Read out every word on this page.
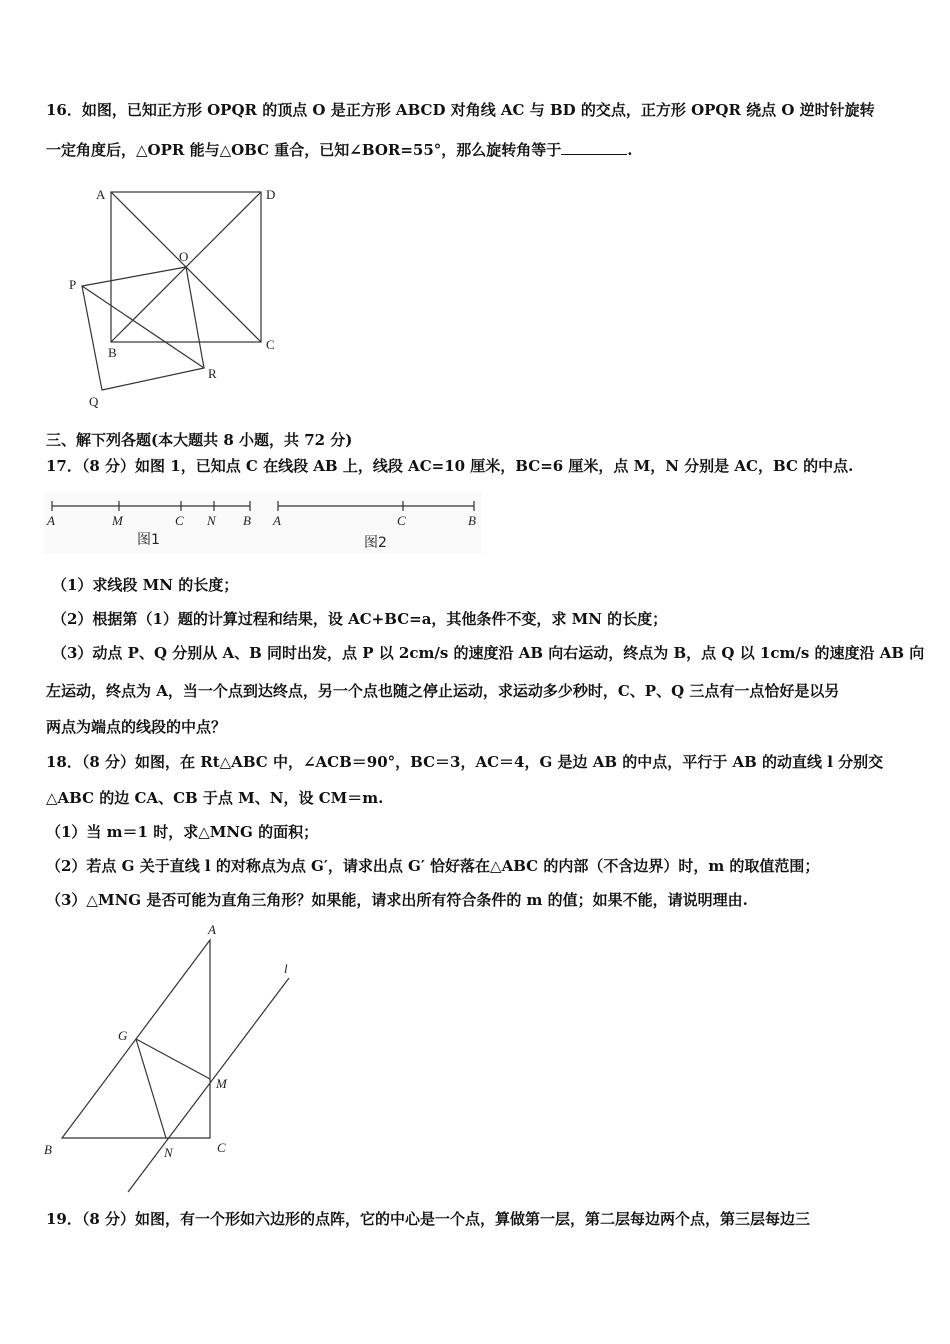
16．如图，已知正方形 OPQR 的顶点 O 是正方形 ABCD 对角线 AC 与 BD 的交点，正方形 OPQR 绕点 O 逆时针旋转
一定角度后，△OPR 能与△OBC 重合，已知∠BOR=55°，那么旋转角等于	.
A	D
O
P
B
C
R
Q
三、解下列各题(本大题共 8 小题，共 72 分)
17．（8 分）如图 1，已知点 C 在线段 AB 上，线段 AC=10 厘米，BC=6 厘米，点 M，N 分别是 AC，BC 的中点.
A	M	C N B
图1
A	C	B
图2
（1）求线段 MN 的长度；
（2）根据第（1）题的计算过程和结果，设 AC+BC=a，其他条件不变，求 MN 的长度；
（3）动点 P、Q 分别从 A、B 同时出发，点 P 以 2cm/s 的速度沿 AB 向右运动，终点为 B，点 Q 以 1cm/s 的速度沿 AB 向
左运动，终点为 A，当一个点到达终点，另一个点也随之停止运动，求运动多少秒时，C、P、Q 三点有一点恰好是以另
两点为端点的线段的中点？
18．（8 分）如图，在 Rt△ABC 中，∠ACB＝90°，BC＝3，AC＝4，G 是边 AB 的中点，平行于 AB 的动直线 l 分别交
△ABC 的边 CA、CB 于点 M、N，设 CM＝m.
（1）当 m＝1 时，求△MNG 的面积；
（2）若点 G 关于直线 l 的对称点为点 G′，请求出点 G′ 恰好落在△ABC 的内部（不含边界）时，m 的取值范围；
（3）△MNG 是否可能为直角三角形？如果能，请求出所有符合条件的 m 的值；如果不能，请说明理由.
A
l
G
M
B	N	C
19．（8 分）如图，有一个形如六边形的点阵，它的中心是一个点，算做第一层，第二层每边两个点，第三层每边三
